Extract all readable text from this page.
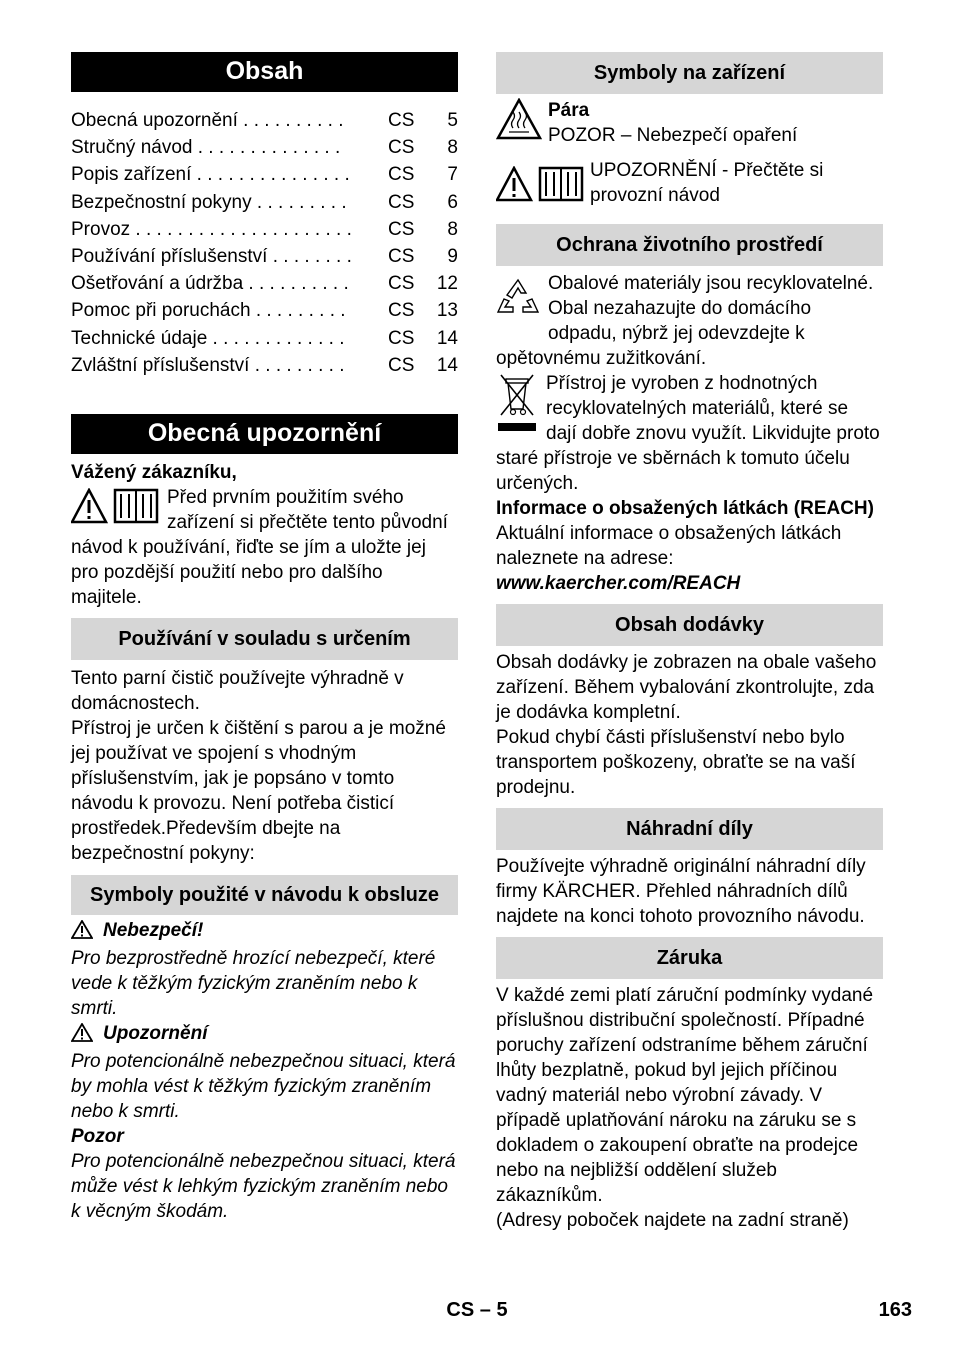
Obsah
Obecná upozornění . . . . . . . . . .	CS	5
Stručný návod . . . . . . . . . . . . . .	CS	8
Popis zařízení . . . . . . . . . . . . . . .	CS	7
Bezpečnostní pokyny . . . . . . . . .	CS	6
Provoz . . . . . . . . . . . . . . . . . . . . .	CS	8
Používání příslušenství . . . . . . . .	CS	9
Ošetřování a údržba . . . . . . . . . .	CS	12
Pomoc při poruchách . . . . . . . . .	CS	13
Technické údaje . . . . . . . . . . . . .	CS	14
Zvláštní příslušenství . . . . . . . . .	CS	14
Obecná upozornění

Vážený zákazníku,

Před prvním použitím svého zařízení si přečtěte tento původní návod k používání, řiďte se jím a uložte jej pro pozdější použití nebo pro dalšího majitele.

Používání v souladu s určením

Tento parní čistič používejte výhradně v domácnostech.

Přístroj je určen k čištění s parou a je možné jej používat ve spojení s vhodným příslušenstvím, jak je popsáno v tomto návodu k provozu. Není potřeba čisticí prostředek.Především dbejte na bezpečnostní pokyny:

Symboly použité v návodu k obsluze

Nebezpečí!

Pro bezprostředně hrozící nebezpečí, které vede k těžkým fyzickým zraněním nebo k smrti.

Upozornění

Pro potencionálně nebezpečnou situaci, která by mohla vést k těžkým fyzickým zraněním nebo k smrti.

Pozor

Pro potencionálně nebezpečnou situaci, která může vést k lehkým fyzickým zraněním nebo k věcným škodám.

Symboly na zařízení

Pára

POZOR – Nebezpečí opaření

UPOZORNĚNÍ - Přečtěte si provozní návod

Ochrana životního prostředí

Obalové materiály jsou recyklovatelné. Obal nezahazujte do domácího odpadu, nýbrž jej odevzdejte k opětovnému zužitkování.

Přístroj je vyroben z hodnotných recyklovatelných materiálů, které se dají dobře znovu využít. Likvidujte proto staré přístroje ve sběrnách k tomuto účelu určených.

Informace o obsažených látkách (REACH)

Aktuální informace o obsažených látkách naleznete na adrese:

www.kaercher.com/REACH

Obsah dodávky

Obsah dodávky je zobrazen na obale vašeho zařízení. Během vybalování zkontrolujte, zda je dodávka kompletní.

Pokud chybí části příslušenství nebo bylo transportem poškozeny, obraťte se na vaší prodejnu.

Náhradní díly

Používejte výhradně originální náhradní díly firmy KÄRCHER. Přehled náhradních dílů najdete na konci tohoto provozního návodu.

Záruka

V každé zemi platí záruční podmínky vydané příslušnou distribuční společností. Případné poruchy zařízení odstraníme během záruční lhůty bezplatně, pokud byl jejich příčinou vadný materiál nebo výrobní závady. V případě uplatňování nároku na záruku se s dokladem o zakoupení obraťte na prodejce nebo na nejbližší oddělení služeb zákazníkům.

(Adresy poboček najdete na zadní straně)

CS – 5	163
